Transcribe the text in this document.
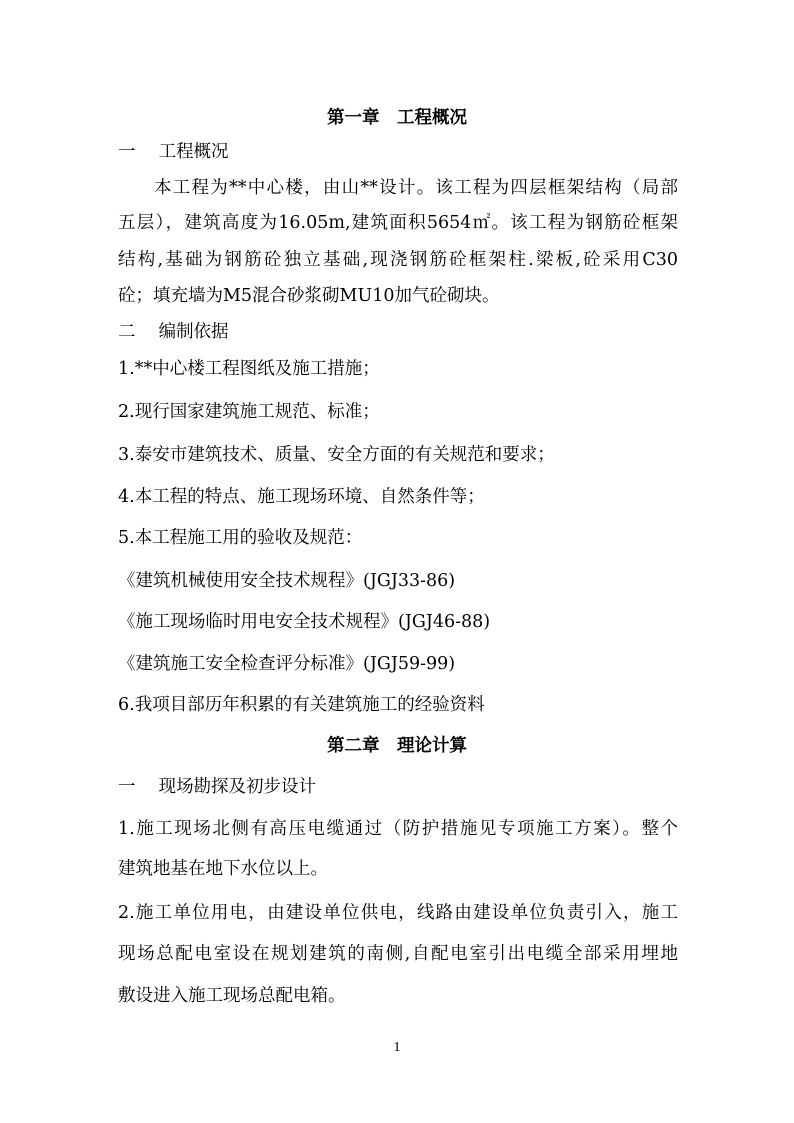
第一章　工程概况
一　 工程概况
本工程为**中心楼，由山**设计。该工程为四层框架结构（局部
五层），建筑高度为16.05m,建筑面积5654㎡。该工程为钢筋砼框架
结构,基础为钢筋砼独立基础,现浇钢筋砼框架柱.梁板,砼采用C30
砼；填充墙为M5混合砂浆砌MU10加气砼砌块。
二　 编制依据
1.**中心楼工程图纸及施工措施；
2.现行国家建筑施工规范、标准；
3.泰安市建筑技术、质量、安全方面的有关规范和要求；
4.本工程的特点、施工现场环境、自然条件等；
5.本工程施工用的验收及规范：
《建筑机械使用安全技术规程》(JGJ33-86)
《施工现场临时用电安全技术规程》(JGJ46-88)
《建筑施工安全检查评分标准》(JGJ59-99)
6.我项目部历年积累的有关建筑施工的经验资料
第二章　理论计算
一　 现场勘探及初步设计
1.施工现场北侧有高压电缆通过（防护措施见专项施工方案）。整个
建筑地基在地下水位以上。
2.施工单位用电，由建设单位供电，线路由建设单位负责引入，施工
现场总配电室设在规划建筑的南侧,自配电室引出电缆全部采用埋地
敷设进入施工现场总配电箱。
1
